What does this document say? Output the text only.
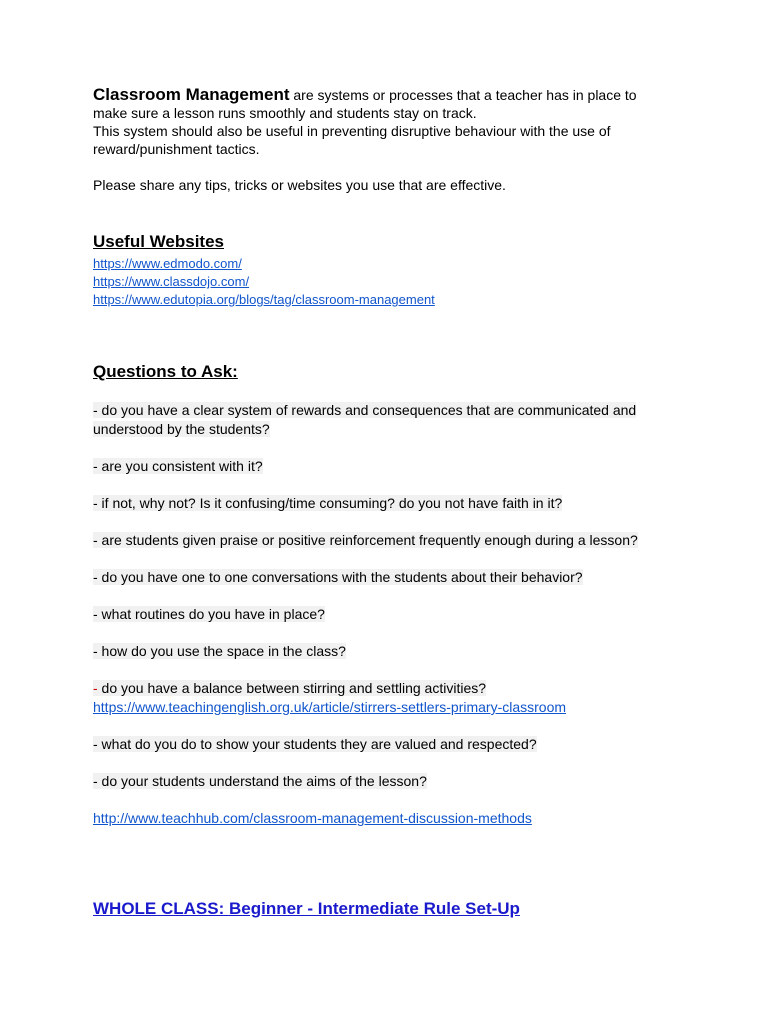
Classroom Management are systems or processes that a teacher has in place to
make sure a lesson runs smoothly and students stay on track.
This system should also be useful in preventing disruptive behaviour with the use of
reward/punishment tactics.

Please share any tips, tricks or websites you use that are effective.

Useful Websites
https://www.edmodo.com/
https://www.classdojo.com/
https://www.edutopia.org/blogs/tag/classroom-management
Questions to Ask:

- do you have a clear system of rewards and consequences that are communicated and
understood by the students?

- are you consistent with it?

- if not, why not? Is it confusing/time consuming? do you not have faith in it?

- are students given praise or positive reinforcement frequently enough during a lesson?

- do you have one to one conversations with the students about their behavior?

- what routines do you have in place?

- how do you use the space in the class?

- do you have a balance between stirring and settling activities?
https://www.teachingenglish.org.uk/article/stirrers-settlers-primary-classroom

- what do you do to show your students they are valued and respected?

- do your students understand the aims of the lesson?

http://www.teachhub.com/classroom-management-discussion-methods
WHOLE CLASS: Beginner - Intermediate Rule Set-Up
